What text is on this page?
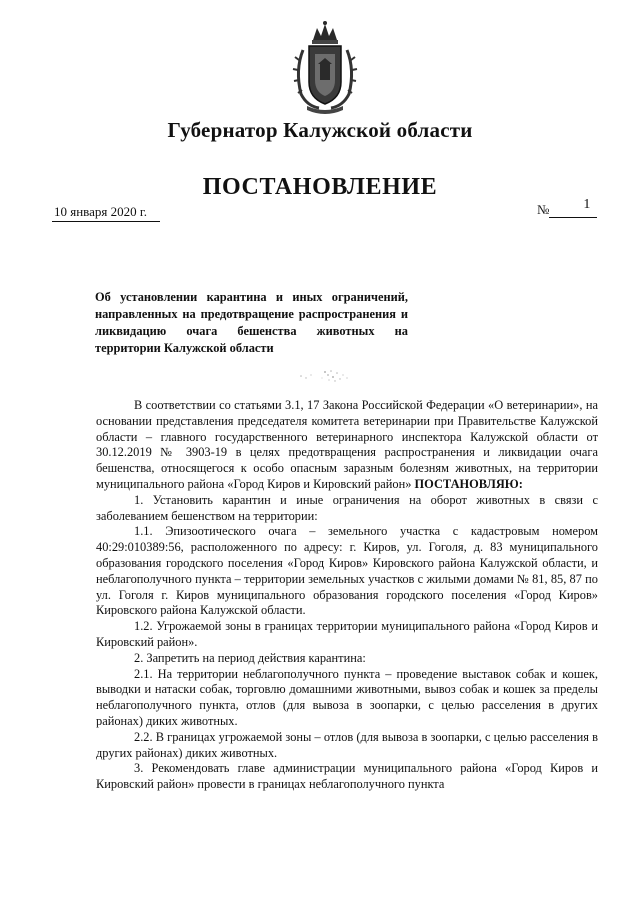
Губернатор Калужской области
ПОСТАНОВЛЕНИЕ
10 января 2020 г.	№	1
Об установлении карантина и иных ограничений, направленных на предотвращение распространения и ликвидацию очага бешенства животных на территории Калужской области

В соответствии со статьями 3.1, 17 Закона Российской Федерации «О ветеринарии», на основании представления председателя комитета ветеринарии при Правительстве Калужской области – главного государственного ветеринарного инспектора Калужской области от 30.12.2019 № 3903-19 в целях предотвращения распространения и ликвидации очага бешенства, относящегося к особо опасным заразным болезням животных, на территории муниципального района «Город Киров и Кировский район» ПОСТАНОВЛЯЮ:

1. Установить карантин и иные ограничения на оборот животных в связи с заболеванием бешенством на территории:

1.1. Эпизоотического очага – земельного участка с кадастровым номером 40:29:010389:56, расположенного по адресу: г. Киров, ул. Гоголя, д. 83 муниципального образования городского поселения «Город Киров» Кировского района Калужской области, и неблагополучного пункта – территории земельных участков с жилыми домами № 81, 85, 87 по ул. Гоголя г. Киров муниципального образования городского поселения «Город Киров» Кировского района Калужской области.

1.2. Угрожаемой зоны в границах территории муниципального района «Город Киров и Кировский район».

2. Запретить на период действия карантина:

2.1. На территории неблагополучного пункта – проведение выставок собак и кошек, выводки и натаски собак, торговлю домашними животными, вывоз собак и кошек за пределы неблагополучного пункта, отлов (для вывоза в зоопарки, с целью расселения в других районах) диких животных.

2.2. В границах угрожаемой зоны – отлов (для вывоза в зоопарки, с целью расселения в других районах) диких животных.

3. Рекомендовать главе администрации муниципального района «Город Киров и Кировский район» провести в границах неблагополучного пункта
